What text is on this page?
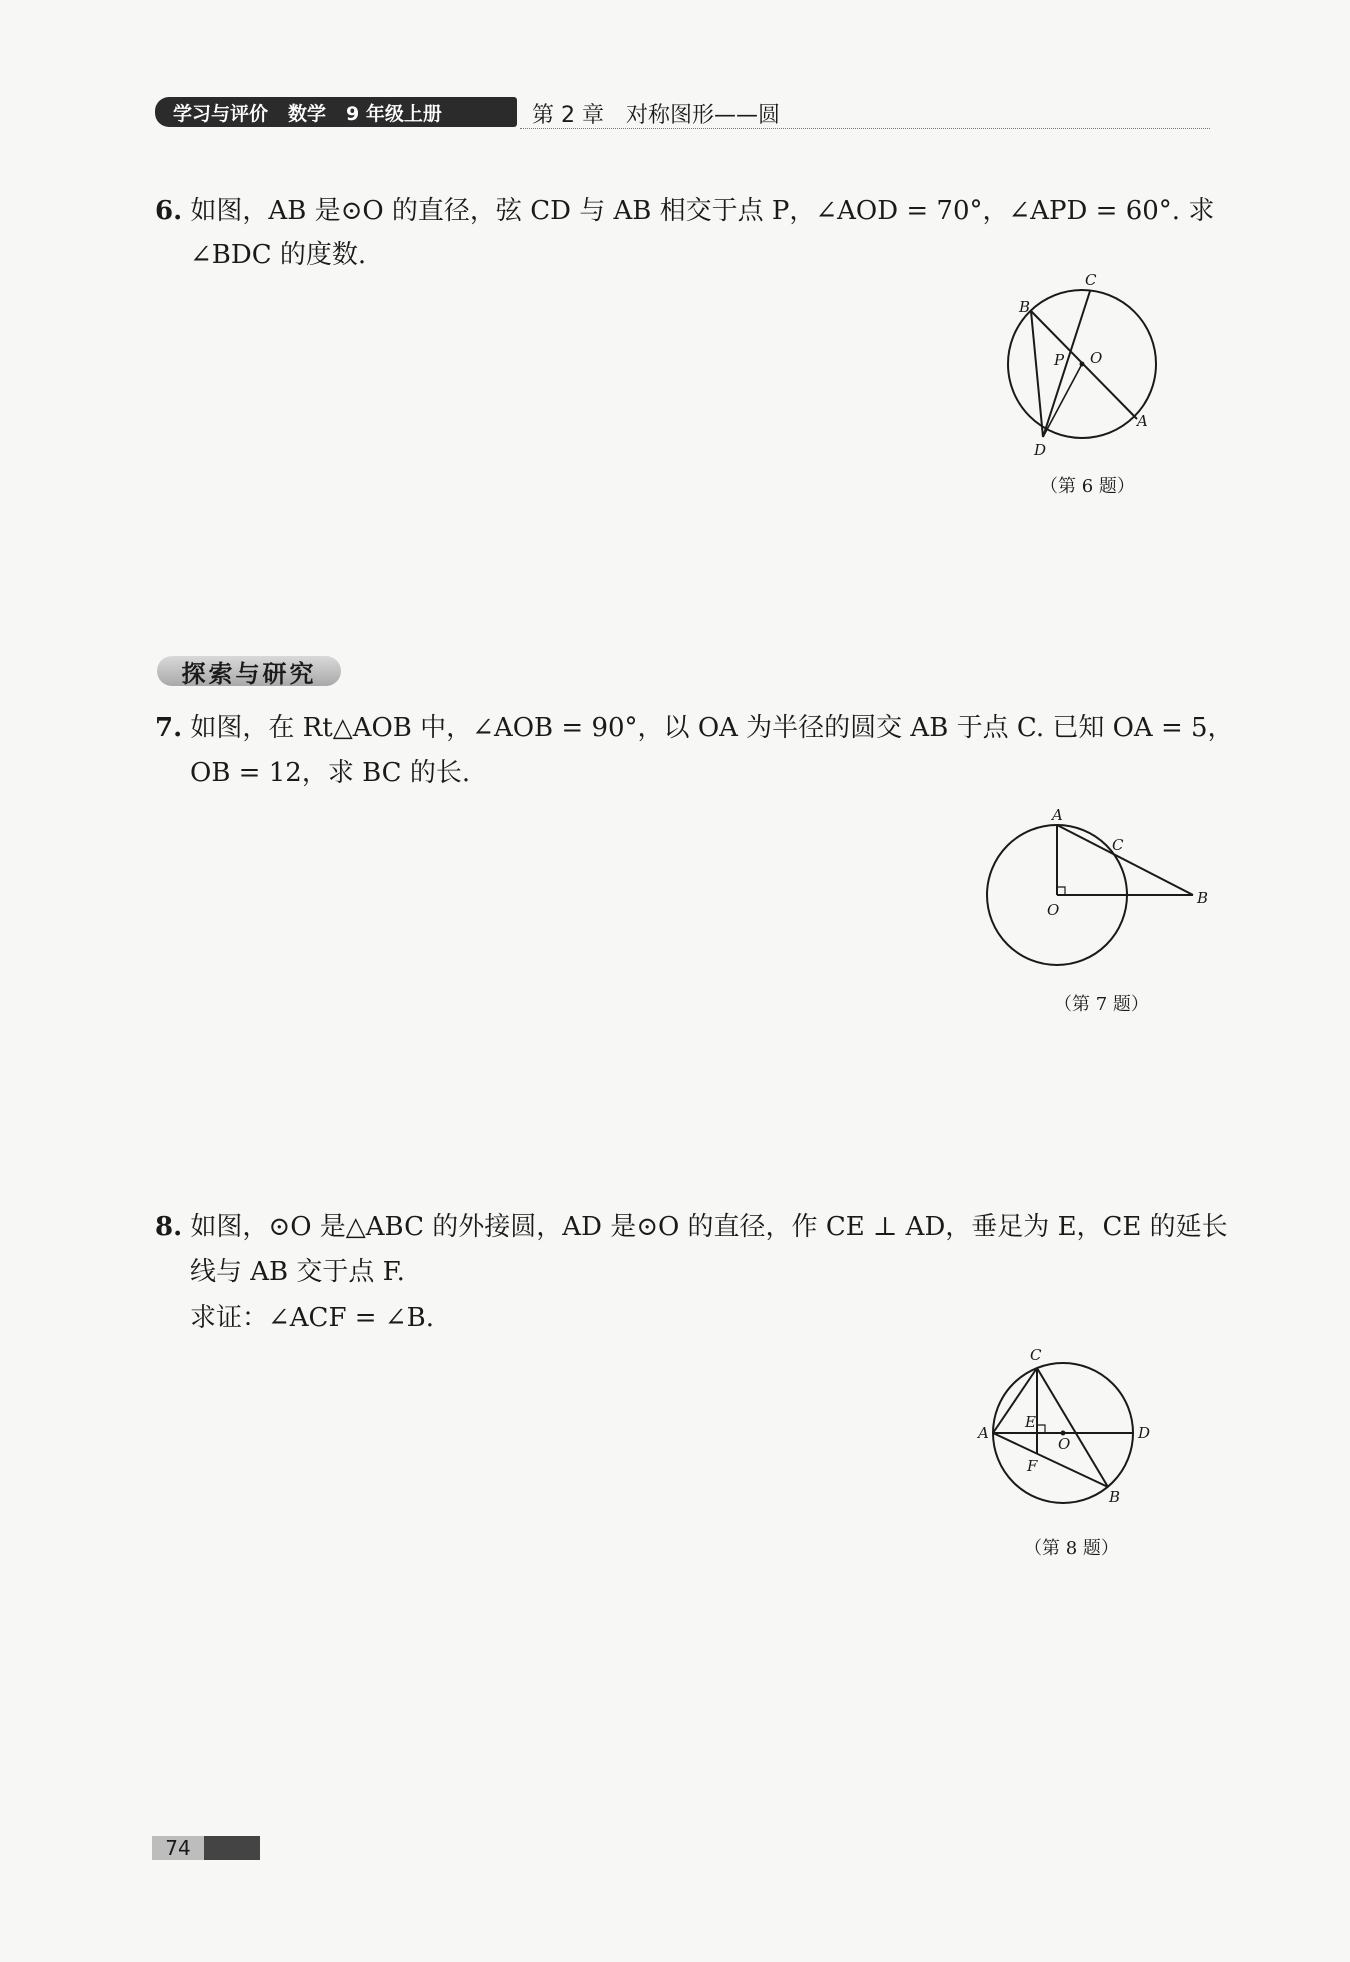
学习与评价 数学 9 年级上册	第 2 章　对称图形——圆
6. 如图，AB 是⊙O 的直径，弦 CD 与 AB 相交于点 P，∠AOD = 70°，∠APD = 60°. 求
∠BDC 的度数.
B
C
O
P
A
D
（第 6 题）
探索与研究
7. 如图，在 Rt△AOB 中，∠AOB = 90°，以 OA 为半径的圆交 AB 于点 C. 已知 OA = 5，
OB = 12，求 BC 的长.
A
C
B
O
（第 7 题）
8. 如图，⊙O 是△ABC 的外接圆，AD 是⊙O 的直径，作 CE ⊥ AD，垂足为 E，CE 的延长
线与 AB 交于点 F.
求证：∠ACF = ∠B.
C
A
E
O
D
F
B
（第 8 题）
74
